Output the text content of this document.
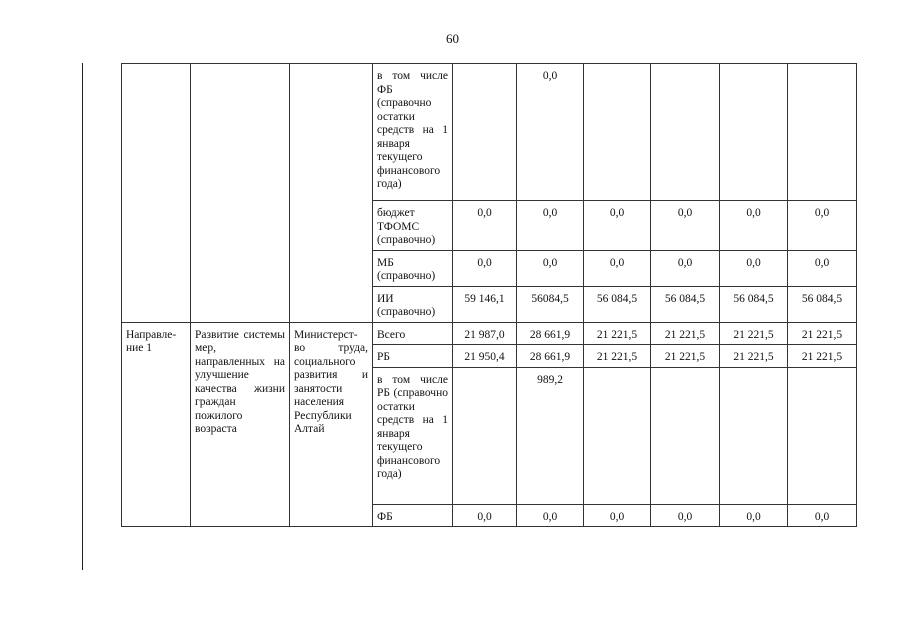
60
			в том числе ФБ (справочно остатки средств на 1 января текущего финансового года)		0,0				
			бюджет ТФОМС (справочно)	0,0	0,0	0,0	0,0	0,0	0,0
			МБ (справочно)	0,0	0,0	0,0	0,0	0,0	0,0
			ИИ (справочно)	59 146,1	56084,5	56 084,5	56 084,5	56 084,5	56 084,5
Направле-ние 1	Развитие системы мер, направленных на улучшение качества жизни граждан пожилого возраста	Министерст-во труда, социального развития и занятости населения Республики Алтай	Всего	21 987,0	28 661,9	21 221,5	21 221,5	21 221,5	21 221,5
			РБ	21 950,4	28 661,9	21 221,5	21 221,5	21 221,5	21 221,5
			в том числе РБ (справочно остатки средств на 1 января текущего финансового года)		989,2				
			ФБ	0,0	0,0	0,0	0,0	0,0	0,0
